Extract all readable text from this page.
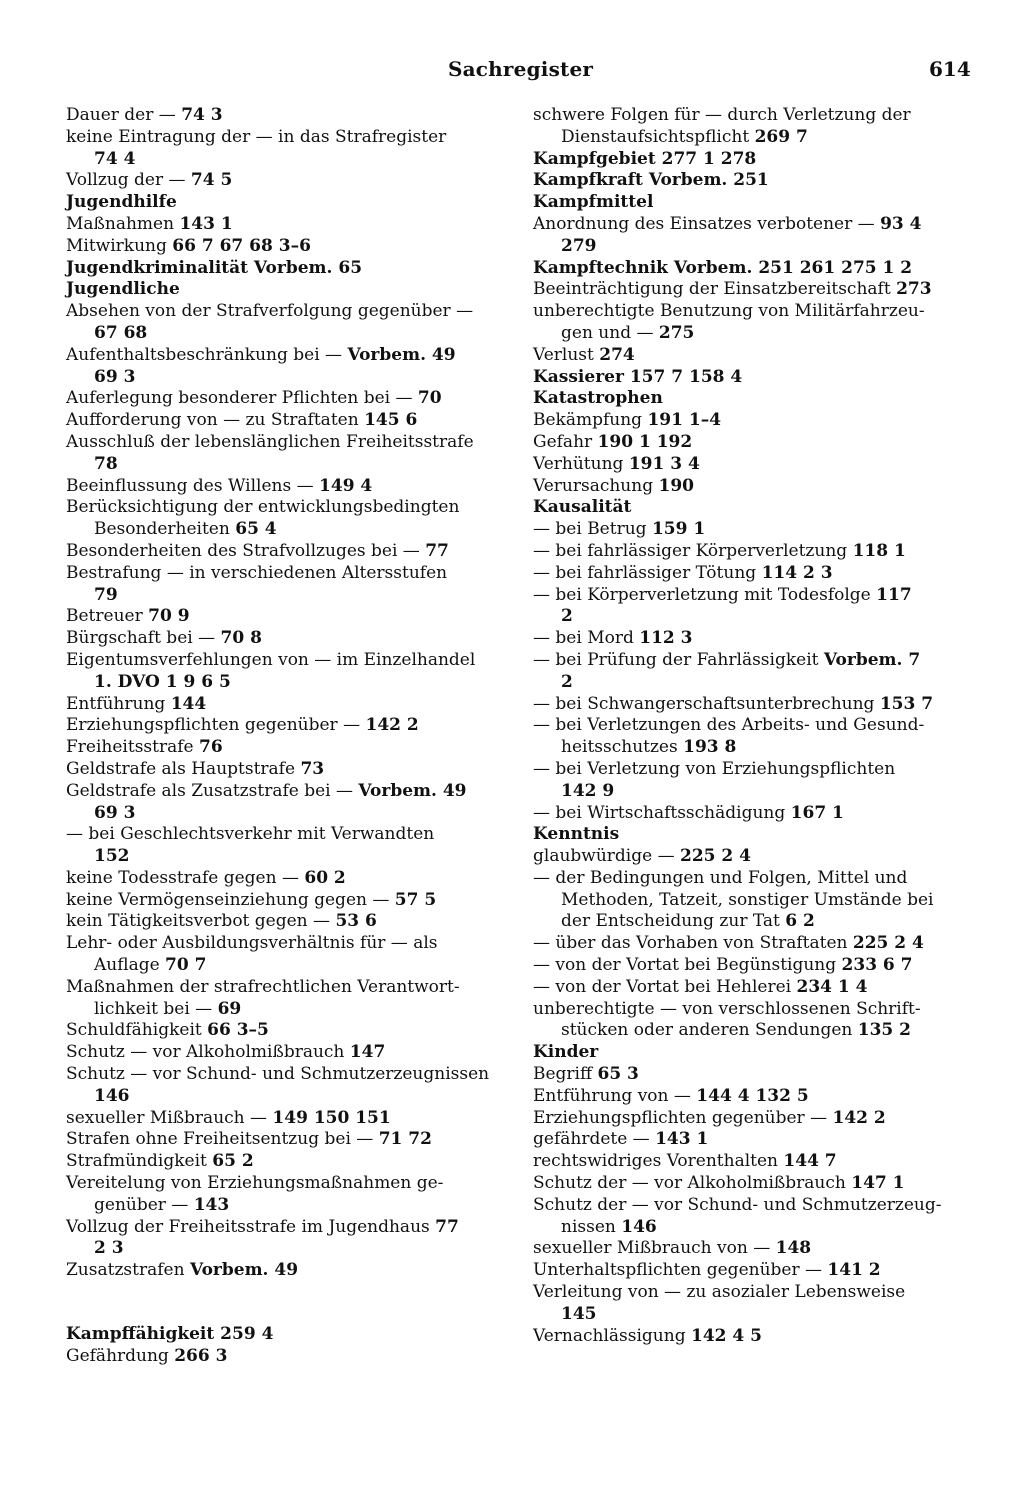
Sachregister	614
Dauer der — 74 3
keine Eintragung der — in das Strafregister
74 4
Vollzug der — 74 5
Jugendhilfe
Maßnahmen 143 1
Mitwirkung 66 7 67 68 3–6
Jugendkriminalität Vorbem. 65
Jugendliche
Absehen von der Strafverfolgung gegenüber —
67 68
Aufenthaltsbeschränkung bei — Vorbem. 49
69 3
Auferlegung besonderer Pflichten bei — 70
Aufforderung von — zu Straftaten 145 6
Ausschluß der lebenslänglichen Freiheitsstrafe
78
Beeinflussung des Willens — 149 4
Berücksichtigung der entwicklungsbedingten
Besonderheiten 65 4
Besonderheiten des Strafvollzuges bei — 77
Bestrafung — in verschiedenen Altersstufen
79
Betreuer 70 9
Bürgschaft bei — 70 8
Eigentumsverfehlungen von — im Einzelhandel
1. DVO 1 9 6 5
Entführung 144
Erziehungspflichten gegenüber — 142 2
Freiheitsstrafe 76
Geldstrafe als Hauptstrafe 73
Geldstrafe als Zusatzstrafe bei — Vorbem. 49
69 3
— bei Geschlechtsverkehr mit Verwandten
152
keine Todesstrafe gegen — 60 2
keine Vermögenseinziehung gegen — 57 5
kein Tätigkeitsverbot gegen — 53 6
Lehr- oder Ausbildungsverhältnis für — als
Auflage 70 7
Maßnahmen der strafrechtlichen Verantwort-
lichkeit bei — 69
Schuldfähigkeit 66 3–5
Schutz — vor Alkoholmißbrauch 147
Schutz — vor Schund- und Schmutzerzeugnissen
146
sexueller Mißbrauch — 149 150 151
Strafen ohne Freiheitsentzug bei — 71 72
Strafmündigkeit 65 2
Vereitelung von Erziehungsmaßnahmen ge-
genüber — 143
Vollzug der Freiheitsstrafe im Jugendhaus 77
2 3
Zusatzstrafen Vorbem. 49
Kampffähigkeit 259 4
Gefährdung 266 3
schwere Folgen für — durch Verletzung der
Dienstaufsichtspflicht 269 7
Kampfgebiet 277 1 278
Kampfkraft Vorbem. 251
Kampfmittel
Anordnung des Einsatzes verbotener — 93 4
279
Kampftechnik Vorbem. 251 261 275 1 2
Beeinträchtigung der Einsatzbereitschaft 273
unberechtigte Benutzung von Militärfahrzeu-
gen und — 275
Verlust 274
Kassierer 157 7 158 4
Katastrophen
Bekämpfung 191 1–4
Gefahr 190 1 192
Verhütung 191 3 4
Verursachung 190
Kausalität
— bei Betrug 159 1
— bei fahrlässiger Körperverletzung 118 1
— bei fahrlässiger Tötung 114 2 3
— bei Körperverletzung mit Todesfolge 117
2
— bei Mord 112 3
— bei Prüfung der Fahrlässigkeit Vorbem. 7
2
— bei Schwangerschaftsunterbrechung 153 7
— bei Verletzungen des Arbeits- und Gesund-
heitsschutzes 193 8
— bei Verletzung von Erziehungspflichten
142 9
— bei Wirtschaftsschädigung 167 1
Kenntnis
glaubwürdige — 225 2 4
— der Bedingungen und Folgen, Mittel und
Methoden, Tatzeit, sonstiger Umstände bei
der Entscheidung zur Tat 6 2
— über das Vorhaben von Straftaten 225 2 4
— von der Vortat bei Begünstigung 233 6 7
— von der Vortat bei Hehlerei 234 1 4
unberechtigte — von verschlossenen Schrift-
stücken oder anderen Sendungen 135 2
Kinder
Begriff 65 3
Entführung von — 144 4 132 5
Erziehungspflichten gegenüber — 142 2
gefährdete — 143 1
rechtswidriges Vorenthalten 144 7
Schutz der — vor Alkoholmißbrauch 147 1
Schutz der — vor Schund- und Schmutzerzeug-
nissen 146
sexueller Mißbrauch von — 148
Unterhaltspflichten gegenüber — 141 2
Verleitung von — zu asozialer Lebensweise
145
Vernachlässigung 142 4 5
